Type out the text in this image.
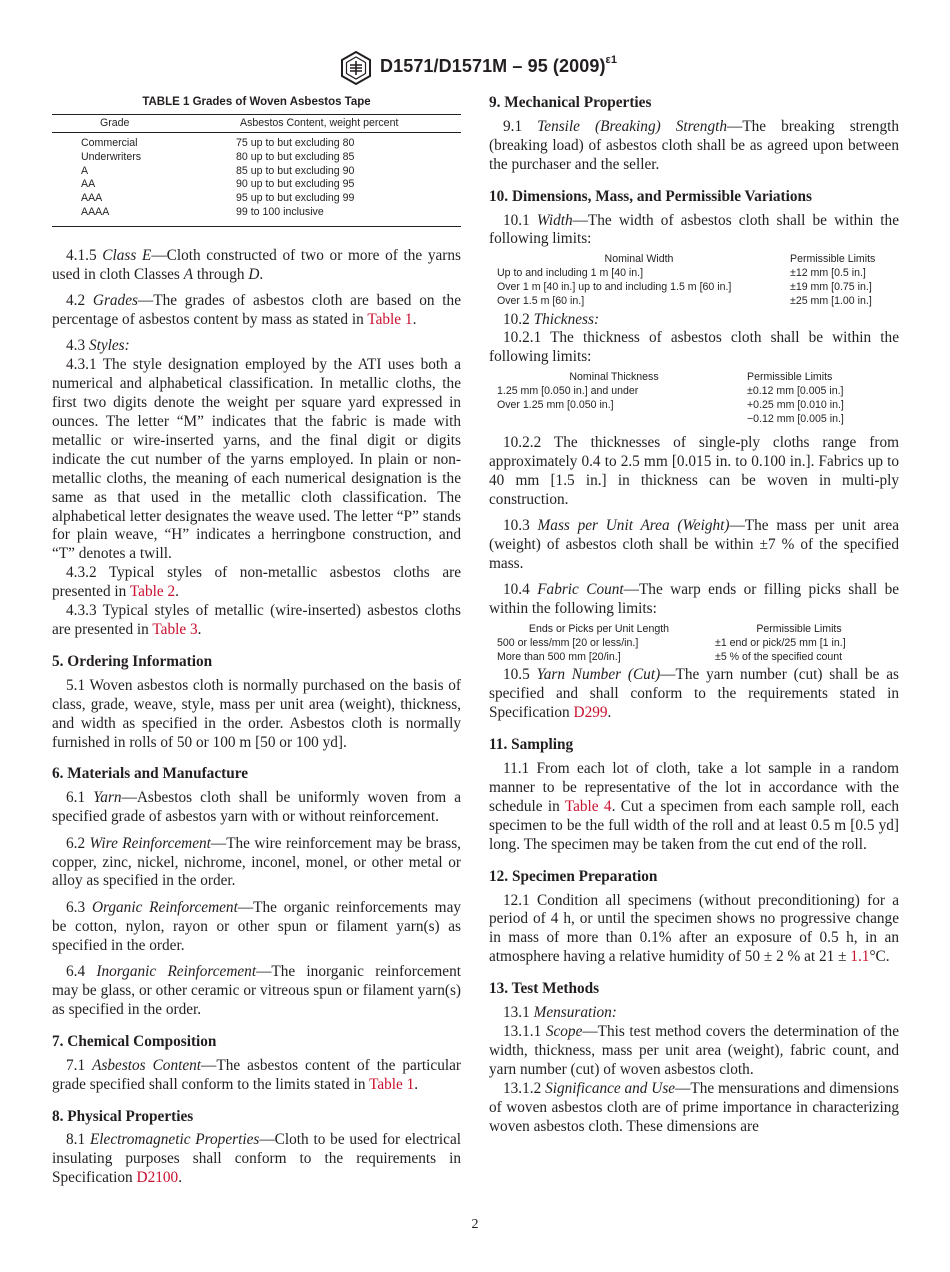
D1571/D1571M – 95 $(2009)^{\varepsilon 1}$
TABLE 1 Grades of Woven Asbestos Tape
Grade	Asbestos Content, weight percent
Commercial	75 up to but excluding 80
Underwriters	80 up to but excluding 85
A	85 up to but excluding 90
AA	90 up to but excluding 95
AAA	95 up to but excluding 99
AAAA	99 to 100 inclusive

4.1.5 Class E—Cloth constructed of two or more of the yarns used in cloth Classes A through D.

4.2 Grades—The grades of asbestos cloth are based on the percentage of asbestos content by mass as stated in Table 1.

4.3 Styles:

4.3.1 The style designation employed by the ATI uses both a numerical and alphabetical classification. In metallic cloths, the first two digits denote the weight per square yard expressed in ounces. The letter “M” indicates that the fabric is made with metallic or wire-inserted yarns, and the final digit or digits indicate the cut number of the yarns employed. In plain or non-metallic cloths, the meaning of each numerical designation is the same as that used in the metallic cloth classification. The alphabetical letter designates the weave used. The letter “P” stands for plain weave, “H” indicates a herringbone construction, and “T” denotes a twill.

4.3.2 Typical styles of non-metallic asbestos cloths are presented in Table 2.

4.3.3 Typical styles of metallic (wire-inserted) asbestos cloths are presented in Table 3.

5. Ordering Information

5.1 Woven asbestos cloth is normally purchased on the basis of class, grade, weave, style, mass per unit area (weight), thickness, and width as specified in the order. Asbestos cloth is normally furnished in rolls of 50 or 100 m [50 or 100 yd].

6. Materials and Manufacture

6.1 Yarn—Asbestos cloth shall be uniformly woven from a specified grade of asbestos yarn with or without reinforcement.

6.2 Wire Reinforcement—The wire reinforcement may be brass, copper, zinc, nickel, nichrome, inconel, monel, or other metal or alloy as specified in the order.

6.3 Organic Reinforcement—The organic reinforcements may be cotton, nylon, rayon or other spun or filament yarn(s) as specified in the order.

6.4 Inorganic Reinforcement—The inorganic reinforcement may be glass, or other ceramic or vitreous spun or filament yarn(s) as specified in the order.

7. Chemical Composition

7.1 Asbestos Content—The asbestos content of the particular grade specified shall conform to the limits stated in Table 1.

8. Physical Properties

8.1 Electromagnetic Properties—Cloth to be used for electrical insulating purposes shall conform to the requirements in Specification D2100.

9. Mechanical Properties

9.1 Tensile (Breaking) Strength—The breaking strength (breaking load) of asbestos cloth shall be as agreed upon between the purchaser and the seller.

10. Dimensions, Mass, and Permissible Variations

10.1 Width—The width of asbestos cloth shall be within the following limits:

Nominal Width	Permissible Limits
Up to and including 1 m [40 in.]	±12 mm [0.5 in.]
Over 1 m [40 in.] up to and including 1.5 m [60 in.]	±19 mm [0.75 in.]
Over 1.5 m [60 in.]	±25 mm [1.00 in.]

10.2 Thickness:

10.2.1 The thickness of asbestos cloth shall be within the following limits:

Nominal Thickness	Permissible Limits
1.25 mm [0.050 in.] and under	±0.12 mm [0.005 in.]
Over 1.25 mm [0.050 in.]	+0.25 mm [0.010 in.]
−0.12 mm [0.005 in.]

10.2.2 The thicknesses of single-ply cloths range from approximately 0.4 to 2.5 mm [0.015 in. to 0.100 in.]. Fabrics up to 40 mm [1.5 in.] in thickness can be woven in multi-ply construction.

10.3 Mass per Unit Area (Weight)—The mass per unit area (weight) of asbestos cloth shall be within ±7 % of the specified mass.

10.4 Fabric Count—The warp ends or filling picks shall be within the following limits:

Ends or Picks per Unit Length	Permissible Limits
500 or less/mm [20 or less/in.]	±1 end or pick/25 mm [1 in.]
More than 500 mm [20/in.]	±5 % of the specified count

10.5 Yarn Number (Cut)—The yarn number (cut) shall be as specified and shall conform to the requirements stated in Specification D299.

11. Sampling

11.1 From each lot of cloth, take a lot sample in a random manner to be representative of the lot in accordance with the schedule in Table 4. Cut a specimen from each sample roll, each specimen to be the full width of the roll and at least 0.5 m [0.5 yd] long. The specimen may be taken from the cut end of the roll.

12. Specimen Preparation

12.1 Condition all specimens (without preconditioning) for a period of 4 h, or until the specimen shows no progressive change in mass of more than 0.1% after an exposure of 0.5 h, in an atmosphere having a relative humidity of 50 ± 2 % at 21 ± 1.1°C.

13. Test Methods

13.1 Mensuration:

13.1.1 Scope—This test method covers the determination of the width, thickness, mass per unit area (weight), fabric count, and yarn number (cut) of woven asbestos cloth.

13.1.2 Significance and Use—The mensurations and dimensions of woven asbestos cloth are of prime importance in characterizing woven asbestos cloth. These dimensions are

2
